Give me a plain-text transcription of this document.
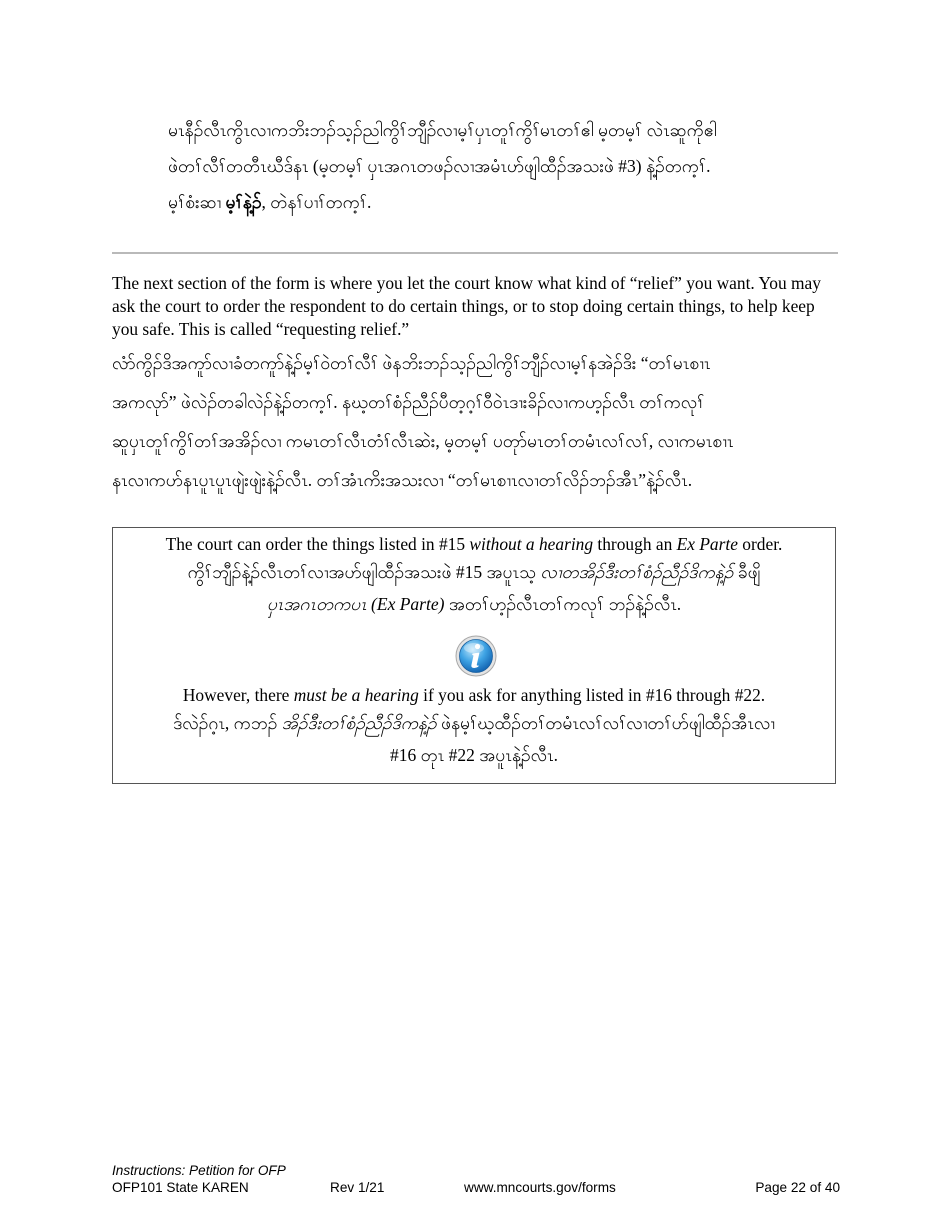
မၤနီၣ်လီၤကွိၤလၢကဘိးဘၣ်သ့ၣ်ညါကွိၢ်ဘျီၣ်လၢမ့ၢ်ပှၤတူၢ်ကွိၢ်မၤတၢ်ဧါ မ့တမ့ၢ် လဲၤဆူကိုဧါ

ဖဲတၢ်လီၢ်တတီၤဃီဒ်နၤ (မ့တမ့ၢ် ပှၤအဂၤတဖၣ်လၢအမံၤဟ်ဖျါထီၣ်အသးဖဲ #3) နဲ့ၣ်တက့ၢ်.

မ့ၢ်စံးဆၢ မ့ၢ်နဲ့ၣ်, တဲနၢ်ပၢၢ်တက့ၢ်.

The next section of the form is where you let the court know what kind of “relief” you want. You may ask the court to order the respondent to do certain things, or to stop doing certain things, to help keep you safe. This is called “requesting relief.”

လံာ်ကွိၣ်ဒိအကူာ်လၢခံတကူာ်နဲ့ၣ်မ့ၢ်ဝဲတၢ်လီၢ် ဖဲနဘိးဘၣ်သ့ၣ်ညါကွိၢ်ဘျီၣ်လၢမ့ၢ်နအဲၣ်ဒိး “တၢ်မၤစၢၤ

အကလုာ်” ဖဲလဲၣ်တခါလဲၣ်နဲ့ၣ်တက့ၢ်. နဃ့တၢ်စံၣ်ညီၣ်ပီတ့ဂ့ၢ်ဝီဝဲၤဒၢးခိၣ်လၢကဟ့ၣ်လီၤ တၢ်ကလုၢ်

ဆူပှၤတူၢ်ကွိၢ်တၢ်အအိၣ်လၢ ကမၤတၢ်လီၤတံၢ်လီၤဆဲး, မ့တမ့ၢ် ပတုာ်မၤတၢ်တမံၤလၢ်လၢ်, လၢကမၤစၢၤ

နၤလၢကဟ်နၤပူၤပူၤဖျဲးဖျဲးနဲ့ၣ်လီၤ. တၢ်အံၤကိးအသးလၢ “တၢ်မၤစၢၤလၢတၢ်လိၣ်ဘၣ်အီၤ”နဲ့ၣ်လီၤ.

The court can order the things listed in #15 without a hearing through an Ex Parte order.

ကွိၢ်ဘျီၣ်နဲ့ၣ်လီၤတၢ်လၢအဟ်ဖျါထီၣ်အသးဖဲ #15 အပူၤသ့ လၢတအိၣ်ဒီးတၢ်စံၣ်ညီၣ်ဒိကနဲ့ၣ် ခီဖျိ

ပှၤအဂၤတကပၤ (Ex Parte) အတၢ်ဟ့ၣ်လီၤတၢ်ကလုၢ် ဘၣ်နဲ့ၣ်လီၤ.

However, there must be a hearing if you ask for anything listed in #16 through #22.

ဒ်လဲၣ်ဂ့ၤ, ကဘၣ် အိၣ်ဒီးတၢ်စံၣ်ညီၣ်ဒိကနဲ့ၣ် ဖဲနမ့ၢ်ဃ့ထီၣ်တၢ်တမံၤလၢ်လၢ်လၢတၢ်ဟ်ဖျါထီၣ်အီၤလၢ

#16 တုၤ #22 အပူၤနဲ့ၣ်လီၤ.

Instructions: Petition for OFP
OFP101 State KAREN	Rev 1/21	www.mncourts.gov/forms	Page 22 of 40
